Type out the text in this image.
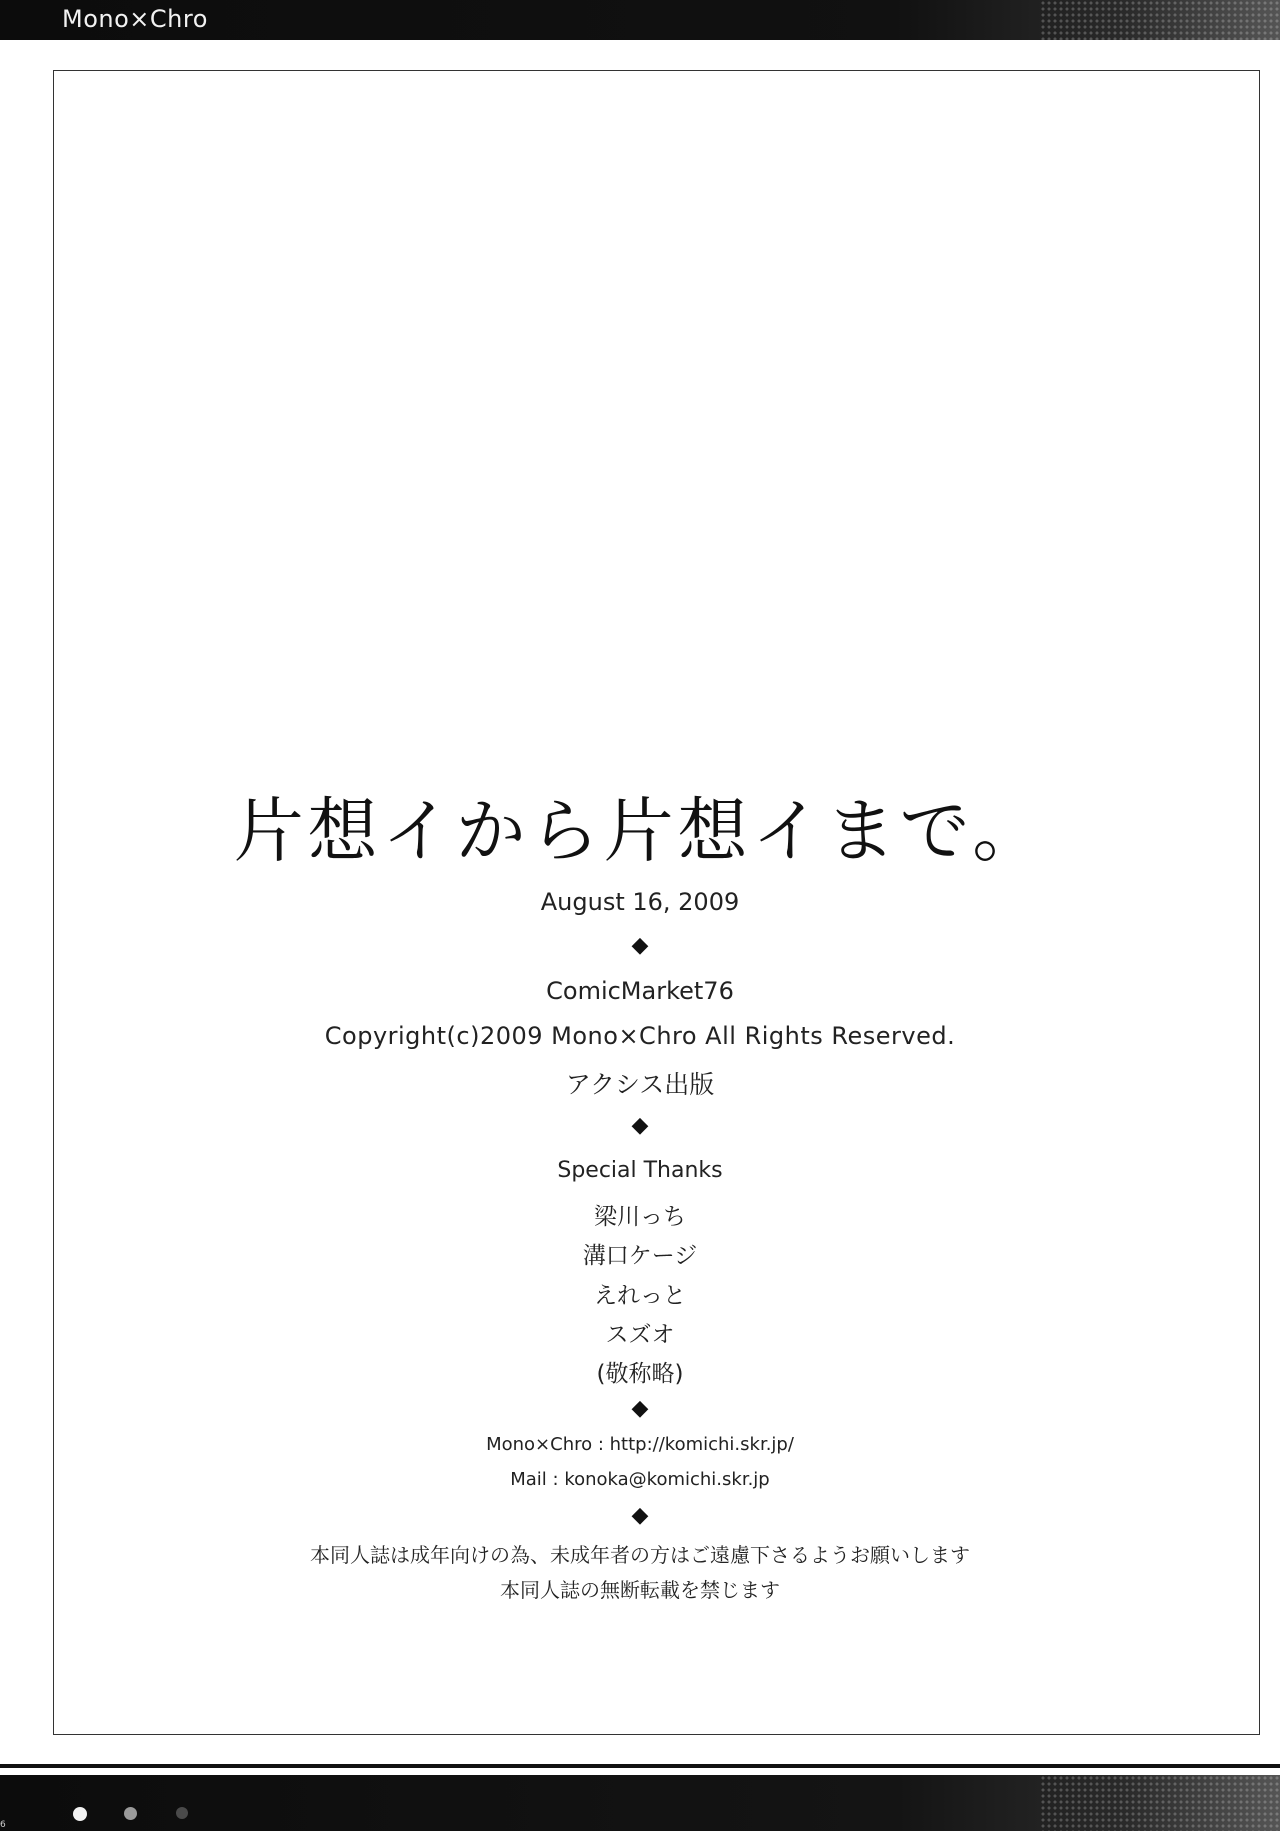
Mono×Chro
片想イから片想イまで。
August 16, 2009
◆
ComicMarket76
Copyright(c)2009 Mono×Chro All Rights Reserved.
アクシス出版
◆
Special Thanks
梁川っち
溝口ケージ
えれっと
スズオ
(敬称略)
◆
Mono×Chro : http://komichi.skr.jp/
Mail : konoka@komichi.skr.jp
◆
本同人誌は成年向けの為、未成年者の方はご遠慮下さるようお願いします
本同人誌の無断転載を禁じます
6
